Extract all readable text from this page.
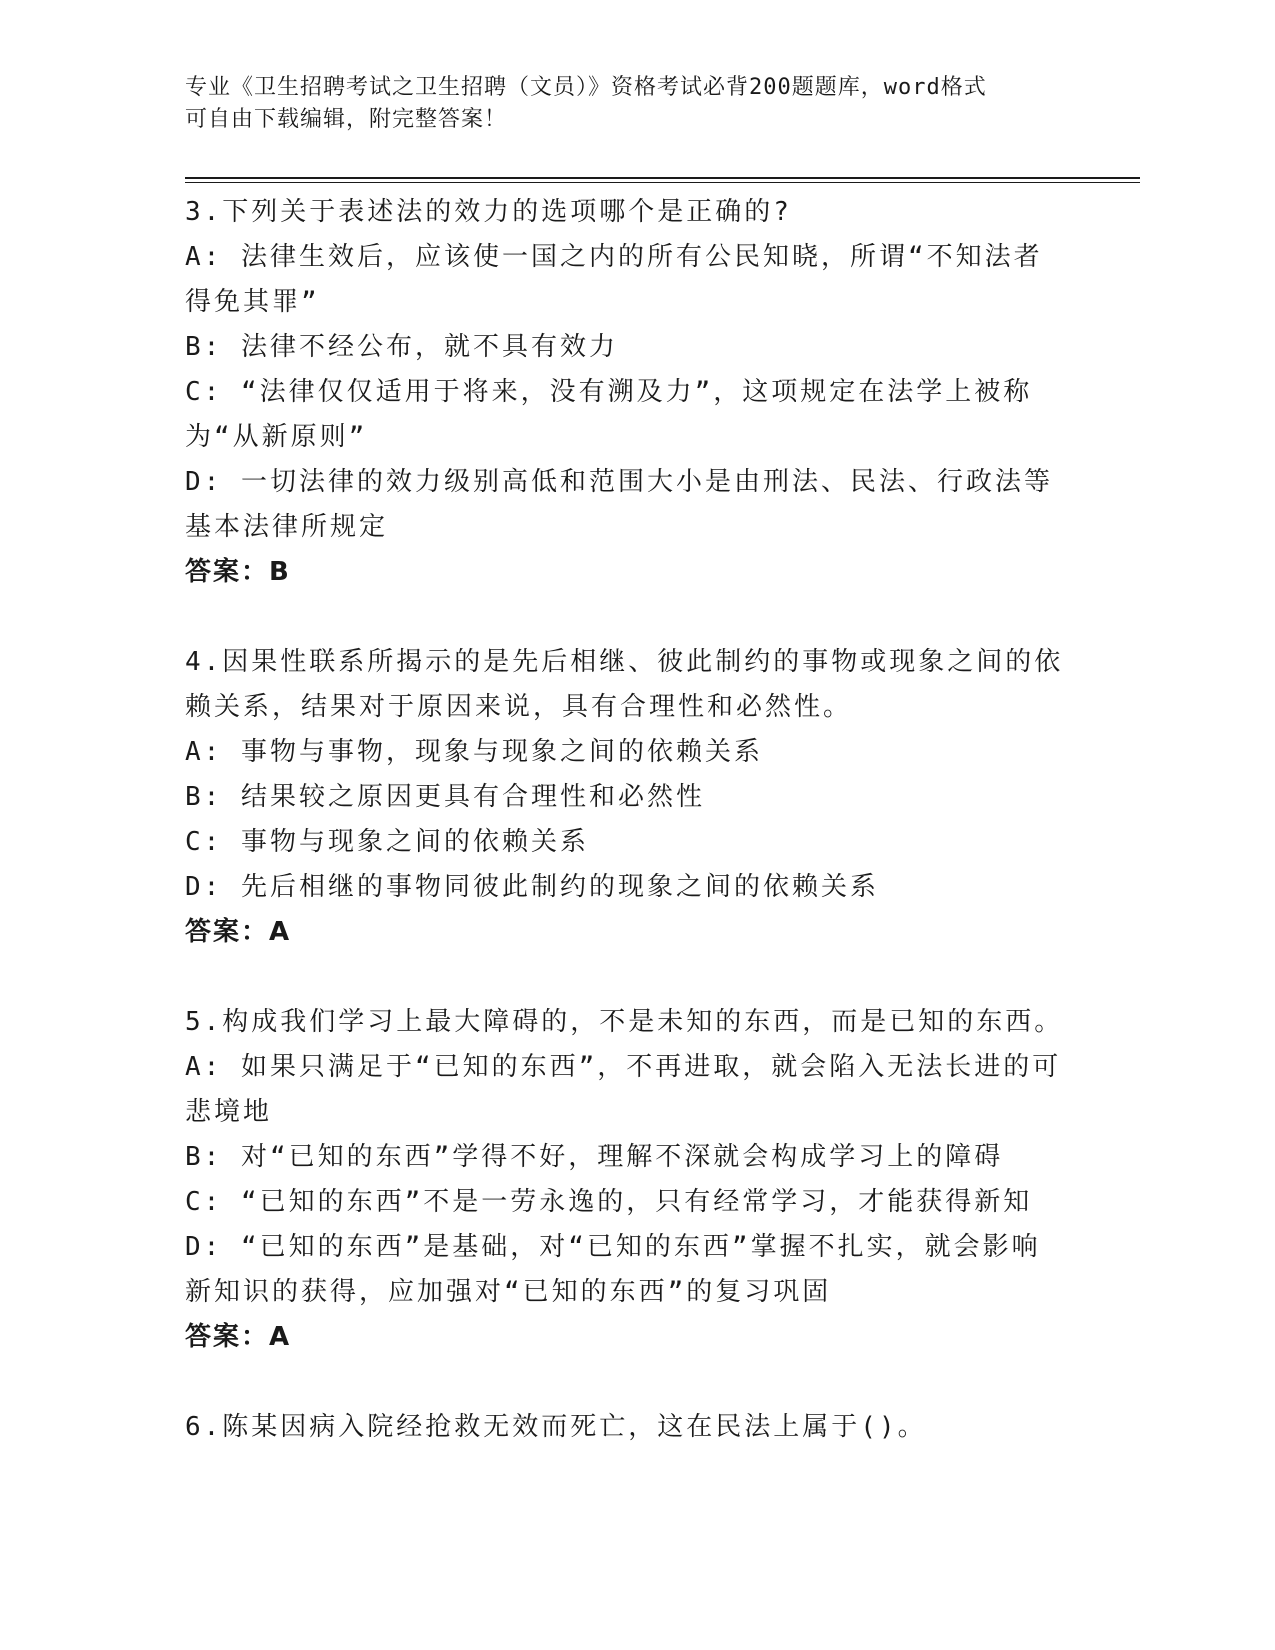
专业《卫生招聘考试之卫生招聘（文员）》资格考试必背200题题库，word格式
可自由下载编辑，附完整答案！

3.下列关于表述法的效力的选项哪个是正确的?

A: 法律生效后，应该使一国之内的所有公民知晓，所谓“不知法者得免其罪”

B: 法律不经公布，就不具有效力

C: “法律仅仅适用于将来，没有溯及力”，这项规定在法学上被称为“从新原则”

D: 一切法律的效力级别高低和范围大小是由刑法、民法、行政法等基本法律所规定

答案：B

4.因果性联系所揭示的是先后相继、彼此制约的事物或现象之间的依赖关系，结果对于原因来说，具有合理性和必然性。

A: 事物与事物，现象与现象之间的依赖关系

B: 结果较之原因更具有合理性和必然性

C: 事物与现象之间的依赖关系

D: 先后相继的事物同彼此制约的现象之间的依赖关系

答案：A

5.构成我们学习上最大障碍的，不是未知的东西，而是已知的东西。

A: 如果只满足于“已知的东西”，不再进取，就会陷入无法长进的可悲境地

B: 对“已知的东西”学得不好，理解不深就会构成学习上的障碍

C: “已知的东西”不是一劳永逸的，只有经常学习，才能获得新知

D: “已知的东西”是基础，对“已知的东西”掌握不扎实，就会影响新知识的获得，应加强对“已知的东西”的复习巩固

答案：A

6.陈某因病入院经抢救无效而死亡，这在民法上属于()。
